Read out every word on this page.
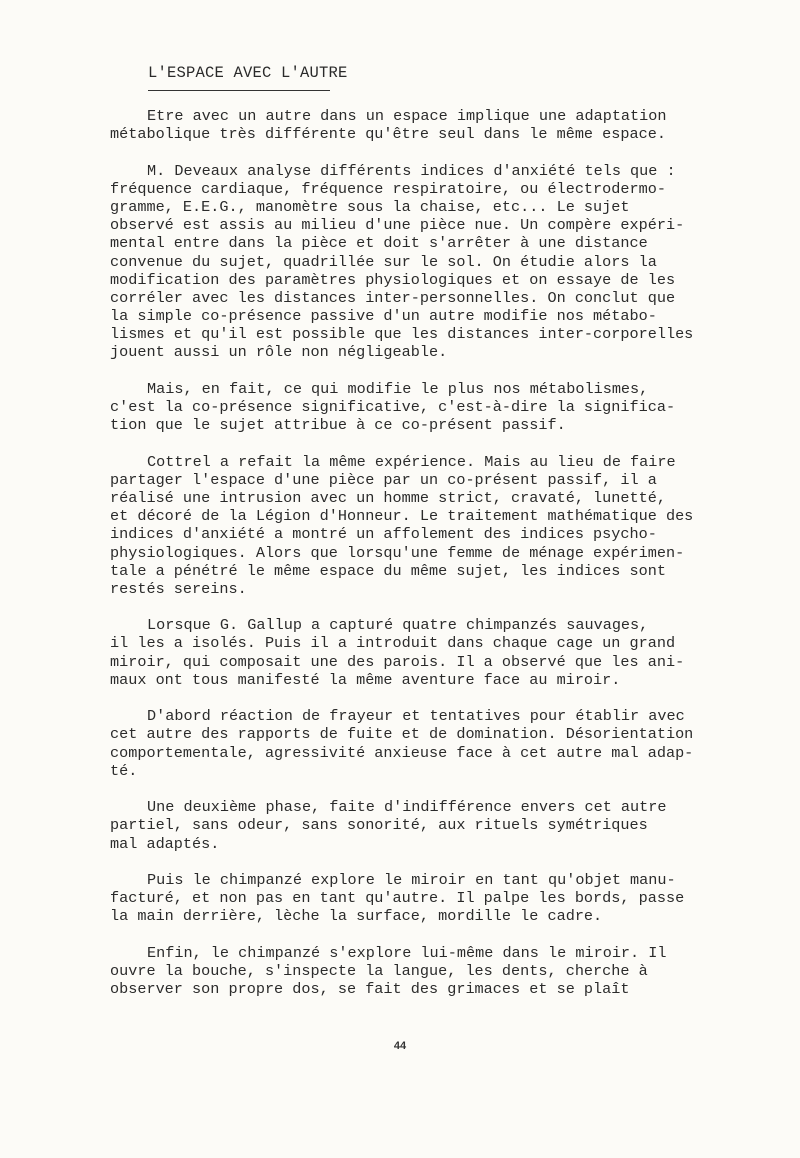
L'ESPACE AVEC L'AUTRE
Etre avec un autre dans un espace implique une adaptation
métabolique très différente qu'être seul dans le même espace.
M. Deveaux analyse différents indices d'anxiété tels que :
fréquence cardiaque, fréquence respiratoire, ou électrodermo-
gramme, E.E.G., manomètre sous la chaise, etc... Le sujet
observé est assis au milieu d'une pièce nue. Un compère expéri-
mental entre dans la pièce et doit s'arrêter à une distance
convenue du sujet, quadrillée sur le sol. On étudie alors la
modification des paramètres physiologiques et on essaye de les
corréler avec les distances inter-personnelles. On conclut que
la simple co-présence passive d'un autre modifie nos métabo-
lismes et qu'il est possible que les distances inter-corporelles
jouent aussi un rôle non négligeable.
Mais, en fait, ce qui modifie le plus nos métabolismes,
c'est la co-présence significative, c'est-à-dire la significa-
tion que le sujet attribue à ce co-présent passif.
Cottrel a refait la même expérience. Mais au lieu de faire
partager l'espace d'une pièce par un co-présent passif, il a
réalisé une intrusion avec un homme strict, cravaté, lunetté,
et décoré de la Légion d'Honneur. Le traitement mathématique des
indices d'anxiété a montré un affolement des indices psycho-
physiologiques. Alors que lorsqu'une femme de ménage expérimen-
tale a pénétré le même espace du même sujet, les indices sont
restés sereins.
Lorsque G. Gallup a capturé quatre chimpanzés sauvages,
il les a isolés. Puis il a introduit dans chaque cage un grand
miroir, qui composait une des parois. Il a observé que les ani-
maux ont tous manifesté la même aventure face au miroir.
D'abord réaction de frayeur et tentatives pour établir avec
cet autre des rapports de fuite et de domination. Désorientation
comportementale, agressivité anxieuse face à cet autre mal adap-
té.
Une deuxième phase, faite d'indifférence envers cet autre
partiel, sans odeur, sans sonorité, aux rituels symétriques
mal adaptés.
Puis le chimpanzé explore le miroir en tant qu'objet manu-
facturé, et non pas en tant qu'autre. Il palpe les bords, passe
la main derrière, lèche la surface, mordille le cadre.
Enfin, le chimpanzé s'explore lui-même dans le miroir. Il
ouvre la bouche, s'inspecte la langue, les dents, cherche à
observer son propre dos, se fait des grimaces et se plaît
44
